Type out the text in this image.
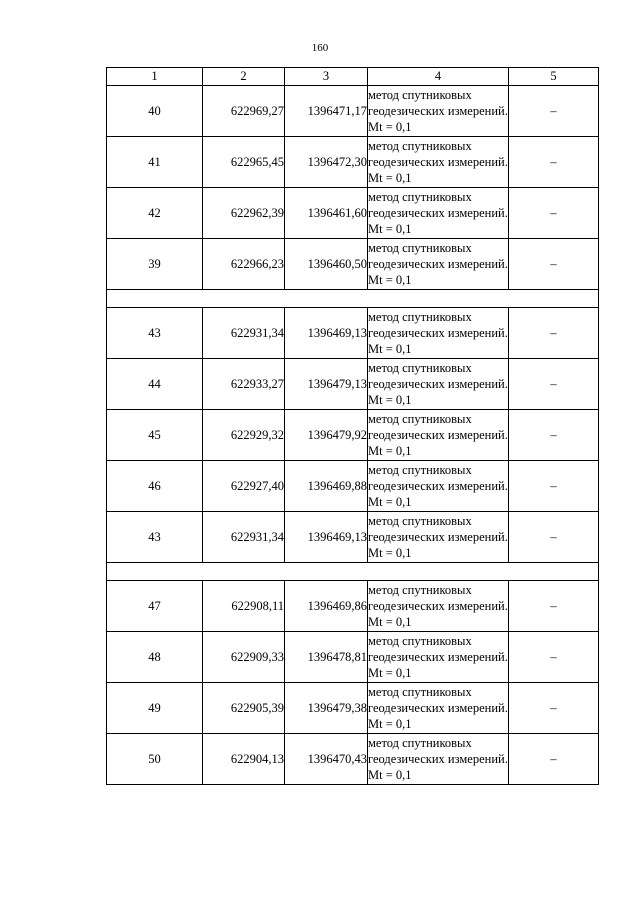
160
1	2	3	4	5
40	622969,27	1396471,17	метод спутниковых геодезических измерений. Mt = 0,1	–
41	622965,45	1396472,30	метод спутниковых геодезических измерений. Mt = 0,1	–
42	622962,39	1396461,60	метод спутниковых геодезических измерений. Mt = 0,1	–
39	622966,23	1396460,50	метод спутниковых геодезических измерений. Mt = 0,1	–

43	622931,34	1396469,13	метод спутниковых геодезических измерений. Mt = 0,1	–
44	622933,27	1396479,13	метод спутниковых геодезических измерений. Mt = 0,1	–
45	622929,32	1396479,92	метод спутниковых геодезических измерений. Mt = 0,1	–
46	622927,40	1396469,88	метод спутниковых геодезических измерений. Mt = 0,1	–
43	622931,34	1396469,13	метод спутниковых геодезических измерений. Mt = 0,1	–

47	622908,11	1396469,86	метод спутниковых геодезических измерений. Mt = 0,1	–
48	622909,33	1396478,81	метод спутниковых геодезических измерений. Mt = 0,1	–
49	622905,39	1396479,38	метод спутниковых геодезических измерений. Mt = 0,1	–
50	622904,13	1396470,43	метод спутниковых геодезических измерений. Mt = 0,1	–
